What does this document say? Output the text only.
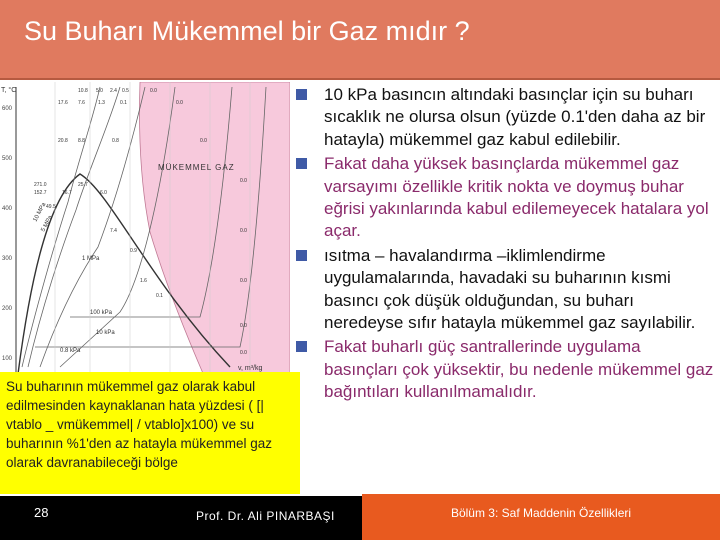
Su Buharı Mükemmel bir Gaz mıdır ?
600
500
400
300
200
100
T, °C
v, m³/kg
MÜKEMMEL GAZ
10 MPa
5 MPa
1 MPa
100 kPa
10 kPa
0.8 kPa
10.8 5.0 2.4 0.5	0.0
17.6 7.6	1.3	0.1	0.0
20.8 8.8	0.8	0.0
271.0
152.7
49.5
16.7
25.7
6.0
7.4
0.9
1.6
0.1
0.0
0.0
0.0
0.0
0.0
Su buharının mükemmel gaz olarak kabul edilmesinden kaynaklanan hata yüzdesi ( [| vtablo _ vmükemmel| / vtablo]x100) ve su buharının %1'den az hatayla mükemmel gaz olarak davranabileceği bölge
10 kPa basıncın altındaki basınçlar için su buharı sıcaklık ne olursa olsun (yüzde 0.1'den daha az bir hatayla) mükemmel gaz kabul edilebilir.
Fakat daha yüksek basınçlarda mükemmel gaz varsayımı özellikle kritik nokta ve doymuş buhar eğrisi yakınlarında kabul edilemeyecek hatalara yol açar.
ısıtma – havalandırma –iklimlendirme uygulamalarında, havadaki su buharının kısmi basıncı çok düşük olduğundan, su buharı neredeyse sıfır hatayla mükemmel gaz sayılabilir.
Fakat buharlı güç santrallerinde uygulama basınçları çok yüksektir, bu nedenle mükemmel gaz bağıntıları kullanılmamalıdır.
28	Prof. Dr. Ali PINARBAŞI	Bölüm 3: Saf Maddenin Özellikleri
